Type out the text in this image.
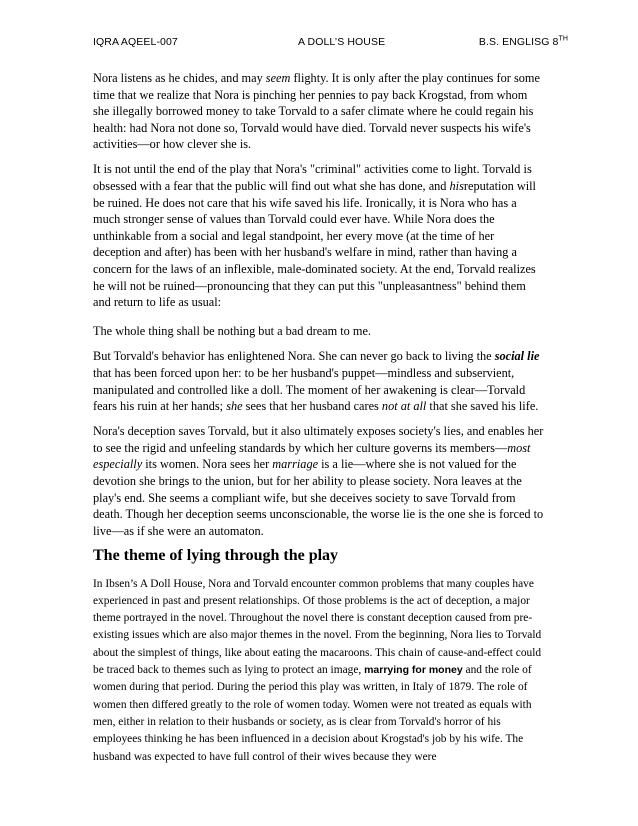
IQRA AQEEL-007	A DOLL’S HOUSE	B.S. ENGLISG 8TH

Nora listens as he chides, and may seem flighty. It is only after the play continues for some time that we realize that Nora is pinching her pennies to pay back Krogstad, from whom she illegally borrowed money to take Torvald to a safer climate where he could regain his health: had Nora not done so, Torvald would have died. Torvald never suspects his wife's activities—or how clever she is.

It is not until the end of the play that Nora's "criminal" activities come to light. Torvald is obsessed with a fear that the public will find out what she has done, and hisreputation will be ruined. He does not care that his wife saved his life. Ironically, it is Nora who has a much stronger sense of values than Torvald could ever have. While Nora does the unthinkable from a social and legal standpoint, her every move (at the time of her deception and after) has been with her husband's welfare in mind, rather than having a concern for the laws of an inflexible, male-dominated society. At the end, Torvald realizes he will not be ruined—pronouncing that they can put this "unpleasantness" behind them and return to life as usual:

The whole thing shall be nothing but a bad dream to me.

But Torvald's behavior has enlightened Nora. She can never go back to living the social lie that has been forced upon her: to be her husband's puppet—mindless and subservient, manipulated and controlled like a doll. The moment of her awakening is clear—Torvald fears his ruin at her hands; she sees that her husband cares not at all that she saved his life.

Nora's deception saves Torvald, but it also ultimately exposes society's lies, and enables her to see the rigid and unfeeling standards by which her culture governs its members—most especially its women. Nora sees her marriage is a lie—where she is not valued for the devotion she brings to the union, but for her ability to please society. Nora leaves at the play's end. She seems a compliant wife, but she deceives society to save Torvald from death. Though her deception seems unconscionable, the worse lie is the one she is forced to live—as if she were an automaton.

The theme of lying through the play

In Ibsen’s A Doll House, Nora and Torvald encounter common problems that many couples have experienced in past and present relationships. Of those problems is the act of deception, a major theme portrayed in the novel. Throughout the novel there is constant deception caused from pre-existing issues which are also major themes in the novel. From the beginning, Nora lies to Torvald about the simplest of things, like about eating the macaroons. This chain of cause-and-effect could be traced back to themes such as lying to protect an image, marrying for money and the role of women during that period. During the period this play was written, in Italy of 1879. The role of women then differed greatly to the role of women today. Women were not treated as equals with men, either in relation to their husbands or society, as is clear from Torvald's horror of his employees thinking he has been influenced in a decision about Krogstad's job by his wife. The husband was expected to have full control of their wives because they were
